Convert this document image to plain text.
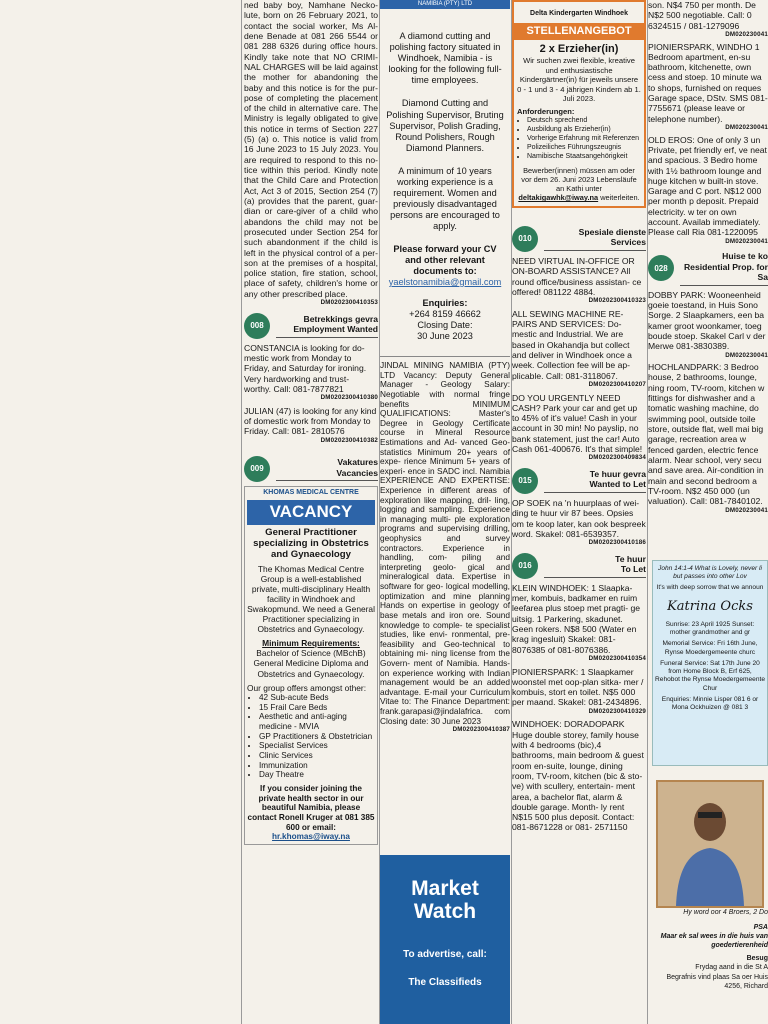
ned baby boy, Namhane Necko- lute, born on 26 February 2021, to contact the social worker, Ms Al- dene Benade at 081 266 5544 or 081 288 6326 during office hours. Kindly take note that NO CRIMI- NAL CHARGES will be laid against the mother for abandoning the baby and this notice is for the pur- pose of completing the placement of the child in alternative care. The Ministry is legally obligated to give this notice in terms of Section 227 (5) (a) o. This notice is valid from 16 June 2023 to 15 July 2023. You are required to respond to this no- tice within this period. Kindly note that the Child Care and Protection Act, Act 3 of 2015, Section 254 (7) (a) provides that the parent, guar- dian or care-giver of a child who abandons the child may not be prosecuted under Section 254 for such abandonment if the child is left in the physical control of a per- son at the premises of a hospital, police station, fire station, school, place of safety, children's home or any other prescribed place.
DM0202300410353
008
Betrekkings gevra
Employment Wanted
CONSTANCIA is looking for do- mestic work from Monday to Friday, and Saturday for ironing. Very hardworking and trust- worthy. Call: 081-7877821
DM0202300410380
JULIAN (47) is looking for any kind of domestic work from Monday to Friday. Call: 081- 2810576
DM0202300410382
009
Vakatures
Vacancies
KHOMAS MEDICAL CENTRE
VACANCY
General Practitioner specializing in Obstetrics and Gynaecology
The Khomas Medical Centre Group is a well-established private, multi-disciplinary Health facility in Windhoek and Swakopmund. We need a General Practitioner specializing in Obstetrics and Gynaecology.
Minimum Requirements:
Bachelor of Science (MBchB) General Medicine Diploma and Obstetrics and Gynaecology.
Our group offers amongst other:
• 42 Sub-acute Beds
• 15 Frail Care Beds
• Aesthetic and anti-aging medicine - MVIA
• GP Practitioners & Obstetrician
• Specialist Services
• Clinic Services
• Immunization
• Day Theatre
If you consider joining the private health sector in our beautiful Namibia, please contact Ronell Kruger at 081 385 600 or email:
hr.khomas@iway.na
NAMIBIA (PTY) LTD
A diamond cutting and polishing factory situated in Windhoek, Namibia - is looking for the following full-time employees.
Diamond Cutting and Polishing Supervisor, Bruting Supervisor, Polish Grading, Round Polishers, Rough Diamond Planners.
A minimum of 10 years working experience is a requirement. Women and previously disadvantaged persons are encouraged to apply.
Please forward your CV and other relevant documents to:
yaelstonamibia@gmail.com
Enquiries:
+264 8159 46662
Closing Date:
30 June 2023
JINDAL MINING NAMIBIA (PTY) LTD Vacancy: Deputy General Manager - Geology Salary: Negotiable with normal fringe benefits MINIMUM QUALIFICATIONS: Master's Degree in Geology Certificate course in Mineral Resource Estimations and Ad- vanced Geo-statistics Minimum 20+ years of expe- rience Minimum 5+ years of experi- ence in SADC incl. Namibia EXPERIENCE AND EXPERTISE: Experience in different areas of exploration like mapping, dril- ling, logging and sampling. Experience in managing multi- ple exploration programs and supervising drilling, geophysics and survey contractors. Experience in handling, com- piling and interpreting geolo- gical and mineralogical data. Expertise in software for geo- logical modelling, optimization and mine planning Hands on expertise in geology of base metals and iron ore. Sound knowledge to comple- te specialist studies, like envi- ronmental, pre-feasibility and Geo-technical to obtaining mi- ning license from the Govern- ment of Namibia. Hands-on experience working with Indian management would be an added advantage. E-mail your Curriculum Vitae to: The Finance Department: frank.garapasi@jindalafrica. com Closing date: 30 June 2023
DM0202300410387
Market Watch
To advertise, call:
The Classifieds
Delta Kindergarten Windhoek
STELLENANGEBOT
2 x Erzieher(in)
Wir suchen zwei flexible, kreative und enthusiastische Kindergärtner(in) für jeweils unsere 0 - 1 und 3 - 4 jährigen Kindern ab 1. Juli 2023.
Anforderungen:
• Deutsch sprechend
• Ausbildung als Erzieher(in)
• Vorherige Erfahrung mit Referenzen
• Polizeiliches Führungszeugnis
• Namibische Staatsangehörigkeit
Bewerber(innen) müssen am oder vor dem 26. Juni 2023 Lebensläufe an Kathi unter deltakigawhk@iway.na weiterleiten.
010
Spesiale dienste
Services
NEED VIRTUAL IN-OFFICE OR ON-BOARD ASSISTANCE? All round office/business assistan- ce offered! 081122 4884.
DM0202300410323
ALL SEWING MACHINE RE- PAIRS AND SERVICES: Do- mestic and Industrial. We are based in Okahandja but collect and deliver in Windhoek once a week. Collection fee will be ap- plicable. Call: 081-3118067.
DM0202300410207
DO YOU URGENTLY NEED CASH? Park your car and get up to 45% of it's value! Cash in your account in 30 min! No payslip, no bank statement, just the car! Auto Cash 061-400676. It's that simple!
DM0202300409834
015
Te huur gevra
Wanted to Let
OP SOEK na 'n huurplaas of wei- ding te huur vir 87 bees. Opsies om te koop later, kan ook bespreek word. Skakel: 081-6539357.
DM0202300410186
016
Te huur
To Let
KLEIN WINDHOEK: 1 Slaapka- mer, kombuis, badkamer en ruim leefarea plus stoep met pragti- ge uitsig. 1 Parkering, skadunet. Geen rokers. N$8 500 (Water en krag ingesluit) Skakel: 081- 8076385 of 081-8076386.
DM0202300410354
PIONIERSPARK: 1 Slaapkamer woonstel met oop-plan sitka- mer / kombuis, stort en toilet. N$5 000 per maand. Skakel: 081-2434896.
DM0202300410329
WINDHOEK: DORADOPARK Huge double storey, family house with 4 bedrooms (bic),4 bathrooms, main bedroom & guest room en-suite, lounge, dining room, TV-room, kitchen (bic & sto- ve) with scullery, entertain- ment area, a bachelor flat, alarm & double garage. Month- ly rent N$15 500 plus deposit. Contact: 081-8671228 or 081- 2571150
son. N$4 750 per month. De N$2 500 negotiable. Call: 0 6324515 / 081-1279096
DM020230041
PIONIERSPARK, WINDHO 1 Bedroom apartment, en-su bathroom, kitchenette, own cess and stoep. 10 minute wa to shops, furnished on reques Garage space, DStv. SMS 081-7755671 (please leave or telephone number).
DM020230041
OLD EROS: One of only 3 un Private, pet friendly erf, ve neat and spacious. 3 Bedro home with 1½ bathroom lounge and huge kitchen w built-in stove. Garage and C port. N$12 000 per month p deposit. Prepaid electricity. w ter on own account. Availab immediately. Please call Ria 081-1220095
DM020230041
028
Huise te ko
Residential Prop. for Sa
DOBBY PARK: Wooneenheid goeie toestand, in Huis Sono Sorge. 2 Slaapkamers, een ba kamer groot woonkamer, toeg boude stoep. Skakel Carl v der Merwe 081-3830389.
DM020230041
HOCHLANDPARK: 3 Bedroo house, 2 bathrooms, lounge, ning room, TV-room, kitchen w fittings for dishwasher and a tomatic washing machine, do swimming pool, outside toile store, outside flat, well mai big garage, recreation area w fenced garden, electric fence alarm. Near school, very secu and save area. Air-condition in main and second bedroom a TV-room. N$2 450 000 (un valuation). Call: 081-7840102.
DM020230041
John 14:1-4 What is Lovely, never li but passes into other Lov
It's with deep sorrow that we announ
Katrina Ocks
Sunrise: 23 April 1925 Sunset:
mother grandmother and gr
Memorial Service: Fri 16th June, Rynse Moedergemeente churc
Funeral Service: Sat 17th June 20 from Home Block B, Erf 625, Rehobot the Rynse Moedergemeente Chur
Enquiries: Minnie Lisper 081 6 or Mona Ockhuizen @ 081 3
Hy word oor 4 Broers, 2 Do
PSA
Maar ek sal wees in die huis van goedertierenheid
Besug
Frydag aand in die St A
Begrafnis vind plaas Sa oer Huis 4256, Richard
